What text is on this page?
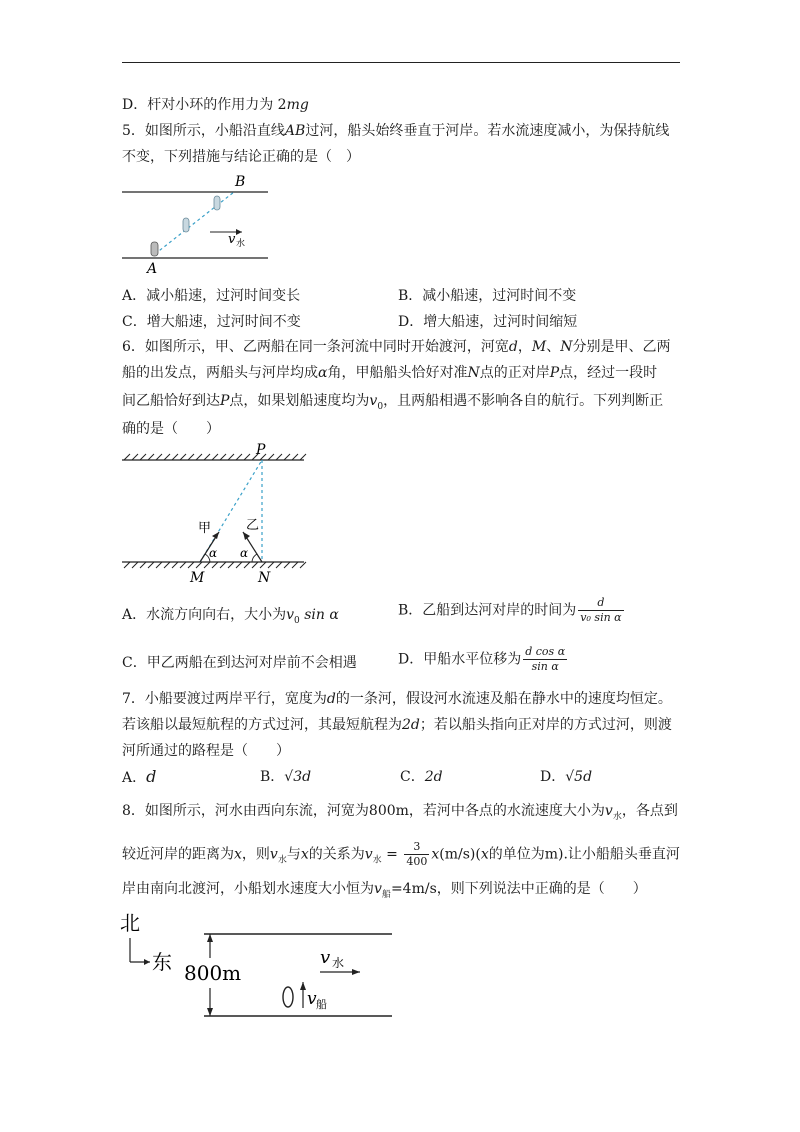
D．杆对小环的作用力为 2mg
5．如图所示，小船沿直线AB过河，船头始终垂直于河岸。若水流速度减小，为保持航线
不变，下列措施与结论正确的是（　）
B
A
v 水
A．减小船速，过河时间变长	B．减小船速，过河时间不变
C．增大船速，过河时间不变	D．增大船速，过河时间缩短
6．如图所示，甲、乙两船在同一条河流中同时开始渡河，河宽d，M、N分别是甲、乙两
船的出发点，两船头与河岸均成α角，甲船船头恰好对准N点的正对岸P点，经过一段时
间乙船恰好到达P点，如果划船速度均为$v_0$，且两船相遇不影响各自的航行。下列判断正
确的是（　　）
P
甲	乙
α α
M	N
A．水流方向向右，大小为$v_0$ sin α	B．乙船到达河对岸的时间为 $\frac{d}{\text{v₀ sin α}}$
C．甲乙两船在到达河对岸前不会相遇	D．甲船水平位移为 $\frac{\text{d cos α}}{\text{sin α}}$
7．小船要渡过两岸平行，宽度为d的一条河，假设河水流速及船在静水中的速度均恒定。
若该船以最短航程的方式过河，其最短航程为2d；若以船头指向正对岸的方式过河，则渡
河所通过的路程是（　　）
A．d	B．√3d	C．2d	D．√5d
8．如图所示，河水由西向东流，河宽为800m，若河中各点的水流速度大小为$v_水$，各点到
较近河岸的距离为x，则$v_水$与x的关系为$v_水 = \frac{3}{400} x(m/s)(x$的单位为m).让小船船头垂直河
岸由南向北渡河，小船划水速度大小恒为$v_船=4m/s$，则下列说法中正确的是（　　）
北
东 800m
v 水
v 船
